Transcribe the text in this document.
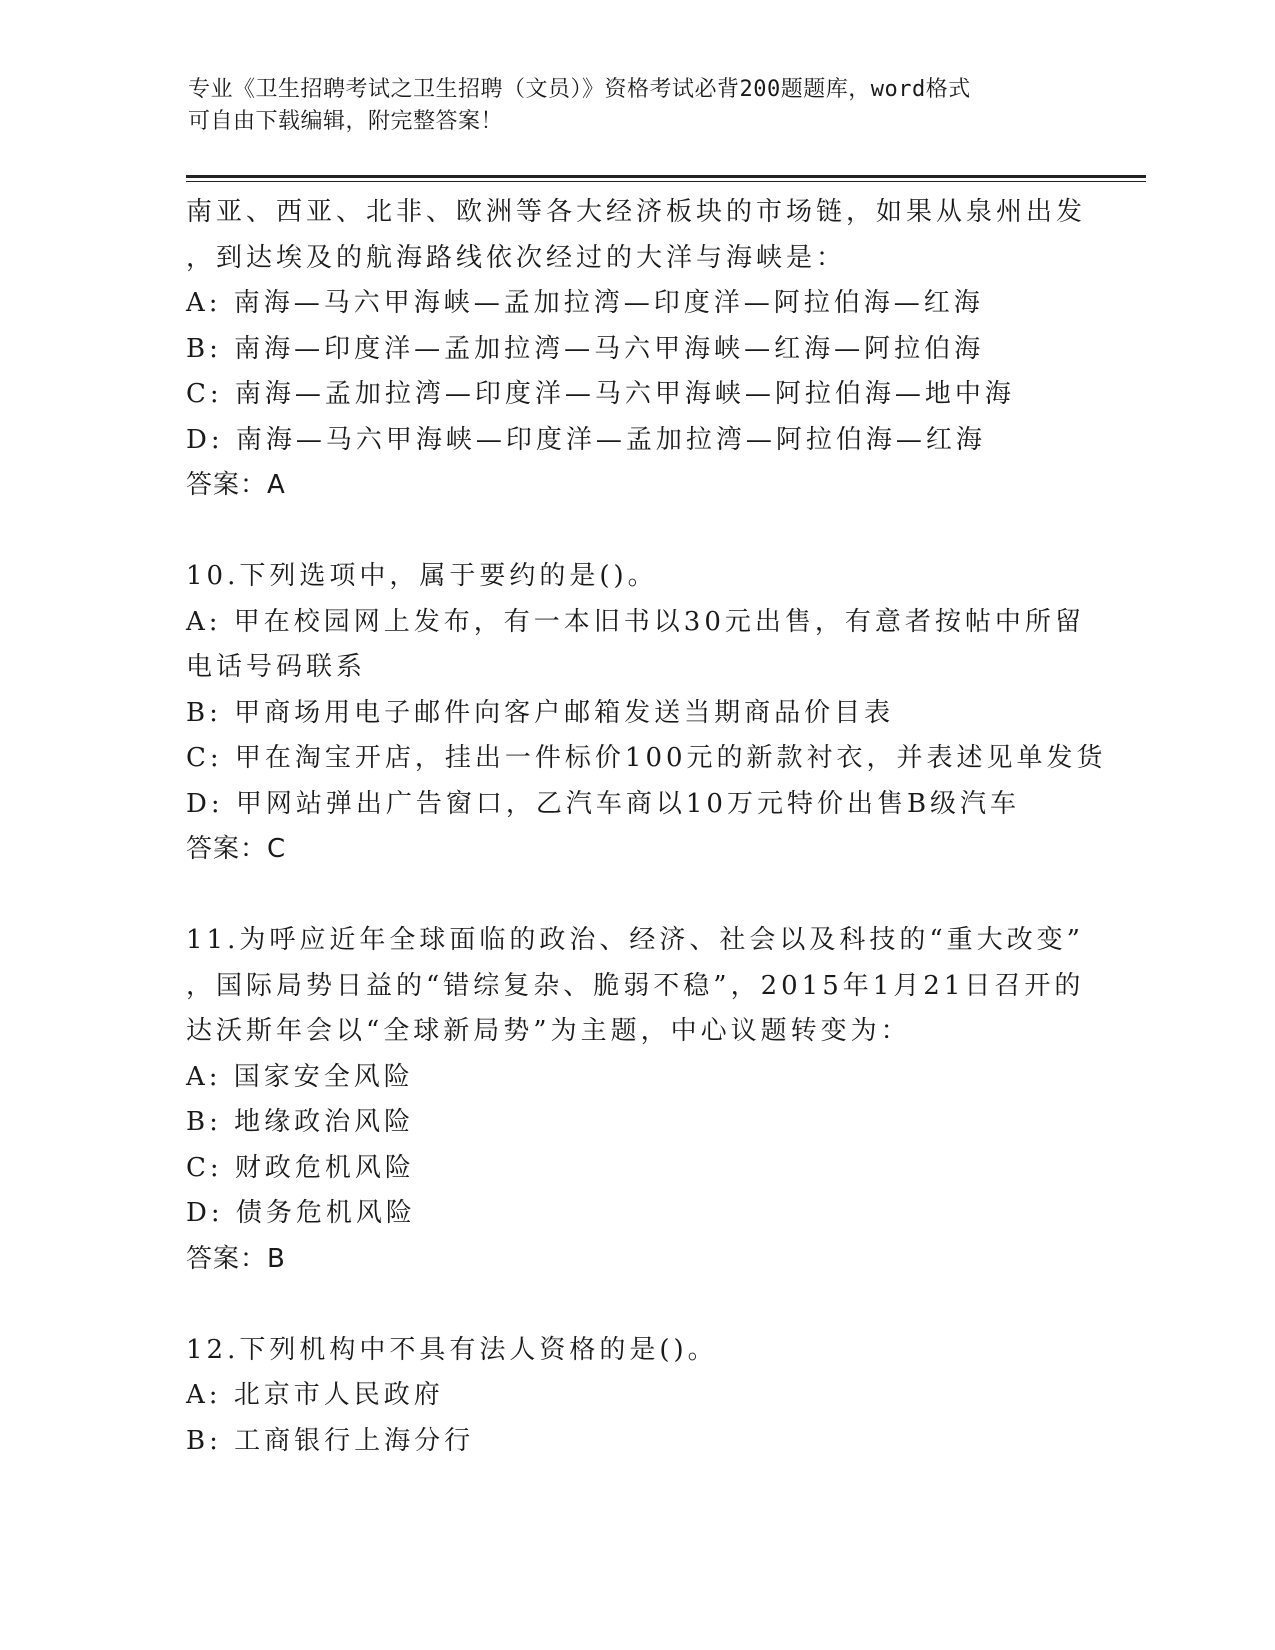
专业《卫生招聘考试之卫生招聘（文员）》资格考试必背200题题库，word格式
可自由下载编辑，附完整答案！
南亚、西亚、北非、欧洲等各大经济板块的市场链，如果从泉州出发
，到达埃及的航海路线依次经过的大洋与海峡是：
A: 南海—马六甲海峡—孟加拉湾—印度洋—阿拉伯海—红海
B: 南海—印度洋—孟加拉湾—马六甲海峡—红海—阿拉伯海
C: 南海—孟加拉湾—印度洋—马六甲海峡—阿拉伯海—地中海
D: 南海—马六甲海峡—印度洋—孟加拉湾—阿拉伯海—红海
答案：A
10.下列选项中，属于要约的是()。
A: 甲在校园网上发布，有一本旧书以30元出售，有意者按帖中所留
电话号码联系
B: 甲商场用电子邮件向客户邮箱发送当期商品价目表
C: 甲在淘宝开店，挂出一件标价100元的新款衬衣，并表述见单发货
D: 甲网站弹出广告窗口，乙汽车商以10万元特价出售B级汽车
答案：C
11.为呼应近年全球面临的政治、经济、社会以及科技的“重大改变”
，国际局势日益的“错综复杂、脆弱不稳”，2015年1月21日召开的
达沃斯年会以“全球新局势”为主题，中心议题转变为：
A: 国家安全风险
B: 地缘政治风险
C: 财政危机风险
D: 债务危机风险
答案：B
12.下列机构中不具有法人资格的是()。
A: 北京市人民政府
B: 工商银行上海分行
